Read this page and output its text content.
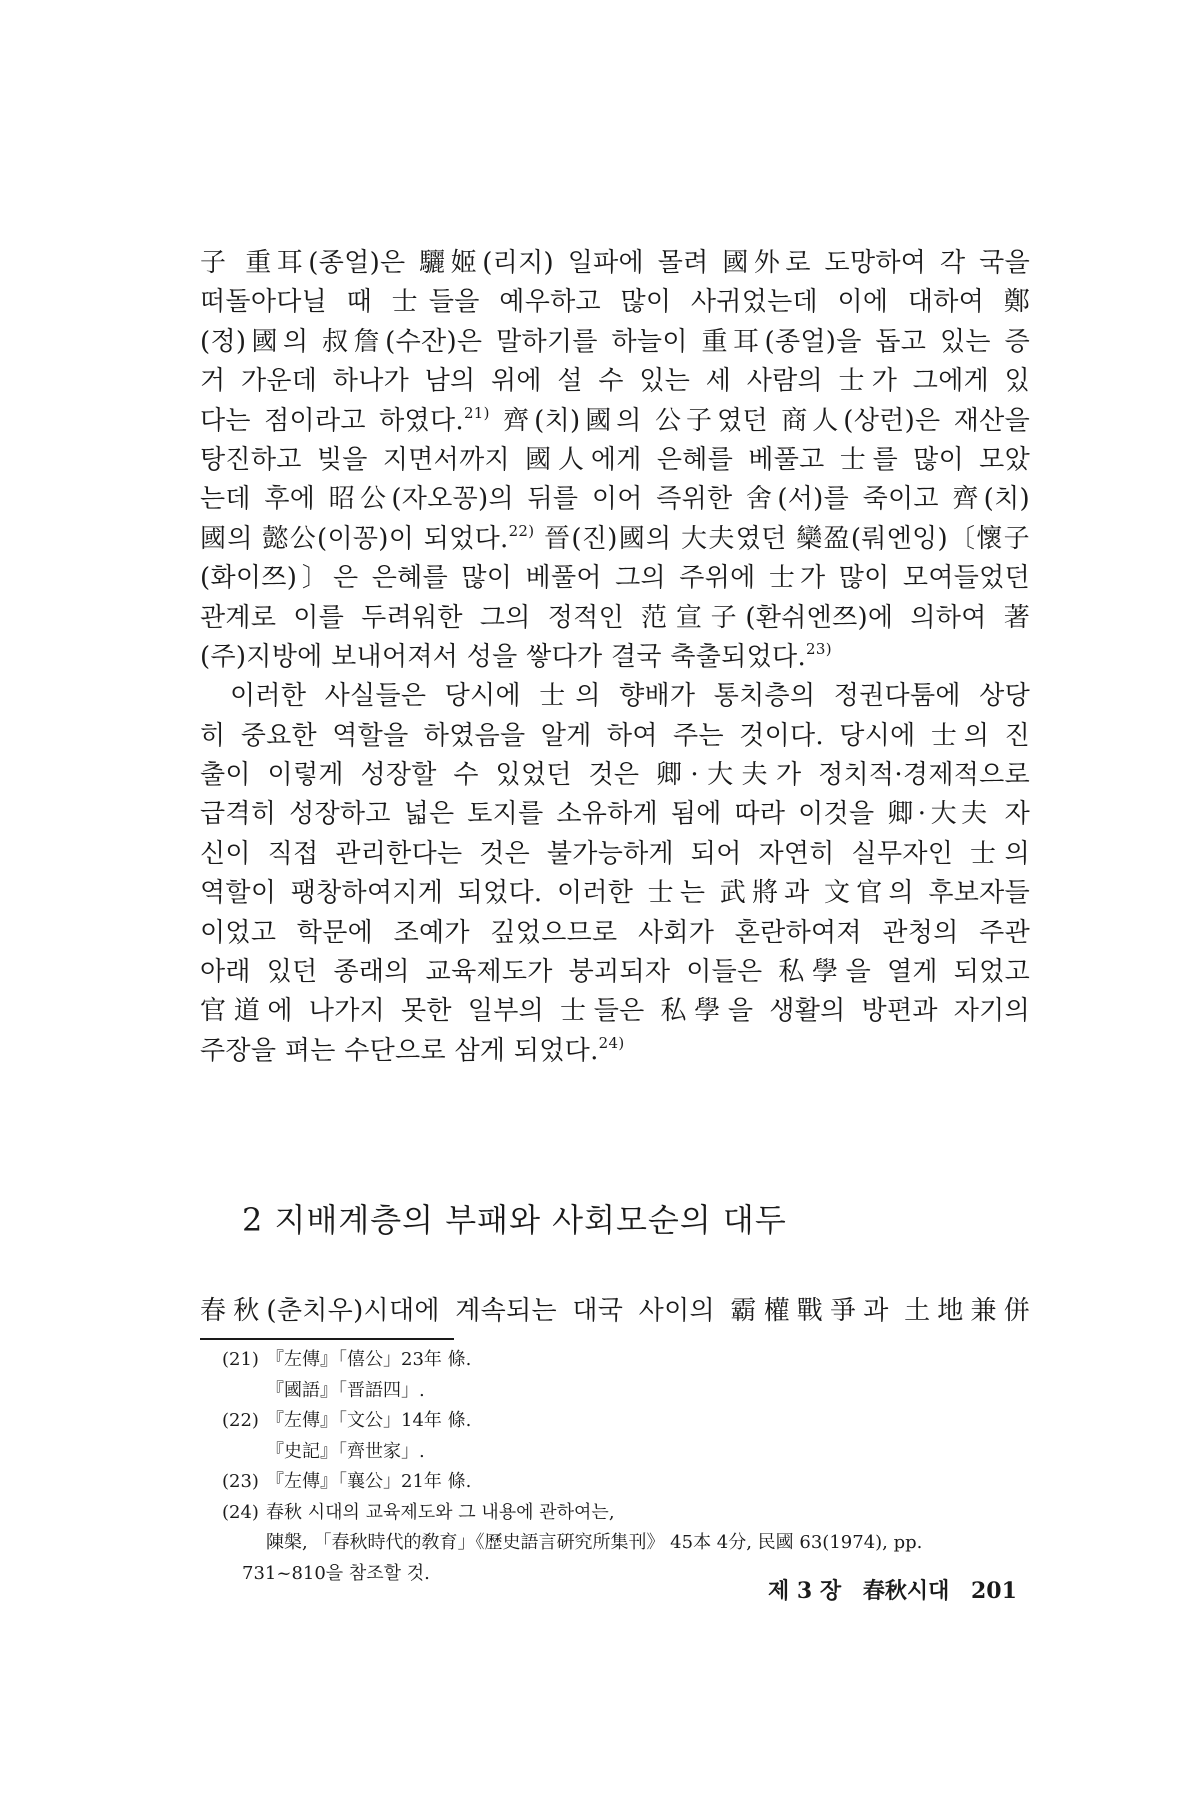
子 重耳(종얼)은 驪姬(리지) 일파에 몰려 國外로 도망하여 각 국을
떠돌아다닐 때 士들을 예우하고 많이 사귀었는데 이에 대하여 鄭
(정)國의 叔詹(수잔)은 말하기를 하늘이 重耳(종얼)을 돕고 있는 증
거 가운데 하나가 남의 위에 설 수 있는 세 사람의 士가 그에게 있
다는 점이라고 하였다.$^{21)}$ 齊(치)國의 公子였던 商人(상런)은 재산을
탕진하고 빚을 지면서까지 國人에게 은혜를 베풀고 士를 많이 모았
는데 후에 昭公(자오꽁)의 뒤를 이어 즉위한 舍(서)를 죽이고 齊(치)
國의 懿公(이꽁)이 되었다.$^{22)}$ 晉(진)國의 大夫였던 欒盈(뤄엔잉)〔懷子
(화이쯔)〕은 은혜를 많이 베풀어 그의 주위에 士가 많이 모여들었던
관계로 이를 두려워한 그의 정적인 范宣子(환쉬엔쯔)에 의하여 著
(주)지방에 보내어져서 성을 쌓다가 결국 축출되었다.$^{23)}$
이러한 사실들은 당시에 士의 향배가 통치층의 정권다툼에 상당
히 중요한 역할을 하였음을 알게 하여 주는 것이다. 당시에 士의 진
출이 이렇게 성장할 수 있었던 것은 卿·大夫가 정치적·경제적으로
급격히 성장하고 넓은 토지를 소유하게 됨에 따라 이것을 卿·大夫 자
신이 직접 관리한다는 것은 불가능하게 되어 자연히 실무자인 士의
역할이 팽창하여지게 되었다. 이러한 士는 武將과 文官의 후보자들
이었고 학문에 조예가 깊었으므로 사회가 혼란하여져 관청의 주관
아래 있던 종래의 교육제도가 붕괴되자 이들은 私學을 열게 되었고
官道에 나가지 못한 일부의 士들은 私學을 생활의 방편과 자기의
주장을 펴는 수단으로 삼게 되었다.$^{24)}$
2 지배계층의 부패와 사회모순의 대두
春秋(춘치우)시대에 계속되는 대국 사이의 霸權戰爭과 土地兼併
(21) 『左傳』「僖公」23年 條.
『國語』「晋語四」.
(22) 『左傳』「文公」14年 條.
『史記』「齊世家」.
(23) 『左傳』「襄公」21年 條.
(24) 春秋 시대의 교육제도와 그 내용에 관하여는,
陳槃, 「春秋時代的敎育」《歷史語言硏究所集刊》 45本 4分, 民國 63(1974), pp.
731~810을 참조할 것.
제 3 장 春秋시대 201
